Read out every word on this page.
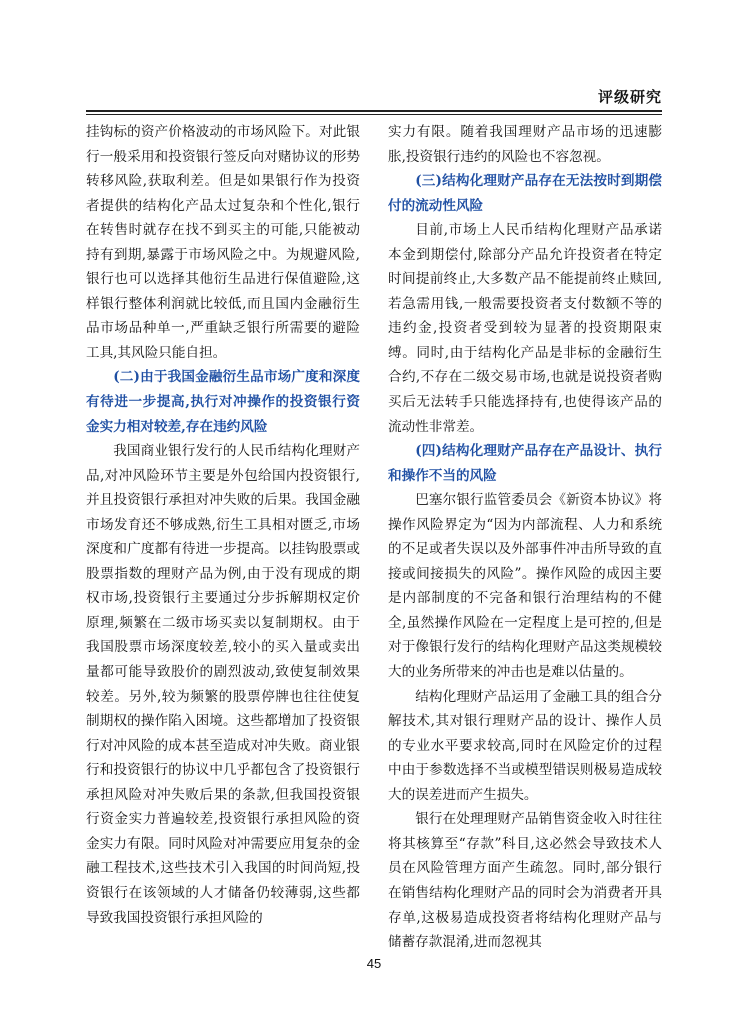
评级研究

挂钩标的资产价格波动的市场风险下。对此银行一般采用和投资银行签反向对赌协议的形势转移风险,获取利差。但是如果银行作为投资者提供的结构化产品太过复杂和个性化,银行在转售时就存在找不到买主的可能,只能被动持有到期,暴露于市场风险之中。为规避风险,银行也可以选择其他衍生品进行保值避险,这样银行整体利润就比较低,而且国内金融衍生品市场品种单一,严重缺乏银行所需要的避险工具,其风险只能自担。

(二)由于我国金融衍生品市场广度和深度有待进一步提高,执行对冲操作的投资银行资金实力相对较差,存在违约风险

我国商业银行发行的人民币结构化理财产品,对冲风险环节主要是外包给国内投资银行,并且投资银行承担对冲失败的后果。我国金融市场发育还不够成熟,衍生工具相对匮乏,市场深度和广度都有待进一步提高。以挂钩股票或股票指数的理财产品为例,由于没有现成的期权市场,投资银行主要通过分步拆解期权定价原理,频繁在二级市场买卖以复制期权。由于我国股票市场深度较差,较小的买入量或卖出量都可能导致股价的剧烈波动,致使复制效果较差。另外,较为频繁的股票停牌也往往使复制期权的操作陷入困境。这些都增加了投资银行对冲风险的成本甚至造成对冲失败。商业银行和投资银行的协议中几乎都包含了投资银行承担风险对冲失败后果的条款,但我国投资银行资金实力普遍较差,投资银行承担风险的资金实力有限。同时风险对冲需要应用复杂的金融工程技术,这些技术引入我国的时间尚短,投资银行在该领域的人才储备仍较薄弱,这些都导致我国投资银行承担风险的

实力有限。随着我国理财产品市场的迅速膨胀,投资银行违约的风险也不容忽视。

(三)结构化理财产品存在无法按时到期偿付的流动性风险

目前,市场上人民币结构化理财产品承诺本金到期偿付,除部分产品允许投资者在特定时间提前终止,大多数产品不能提前终止赎回,若急需用钱,一般需要投资者支付数额不等的违约金,投资者受到较为显著的投资期限束缚。同时,由于结构化产品是非标的金融衍生合约,不存在二级交易市场,也就是说投资者购买后无法转手只能选择持有,也使得该产品的流动性非常差。

(四)结构化理财产品存在产品设计、执行和操作不当的风险

巴塞尔银行监管委员会《新资本协议》将操作风险界定为“因为内部流程、人力和系统的不足或者失误以及外部事件冲击所导致的直接或间接损失的风险”。操作风险的成因主要是内部制度的不完备和银行治理结构的不健全,虽然操作风险在一定程度上是可控的,但是对于像银行发行的结构化理财产品这类规模较大的业务所带来的冲击也是难以估量的。

结构化理财产品运用了金融工具的组合分解技术,其对银行理财产品的设计、操作人员的专业水平要求较高,同时在风险定价的过程中由于参数选择不当或模型错误则极易造成较大的误差进而产生损失。

银行在处理理财产品销售资金收入时往往将其核算至“存款”科目,这必然会导致技术人员在风险管理方面产生疏忽。同时,部分银行在销售结构化理财产品的同时会为消费者开具存单,这极易造成投资者将结构化理财产品与储蓄存款混淆,进而忽视其

45
